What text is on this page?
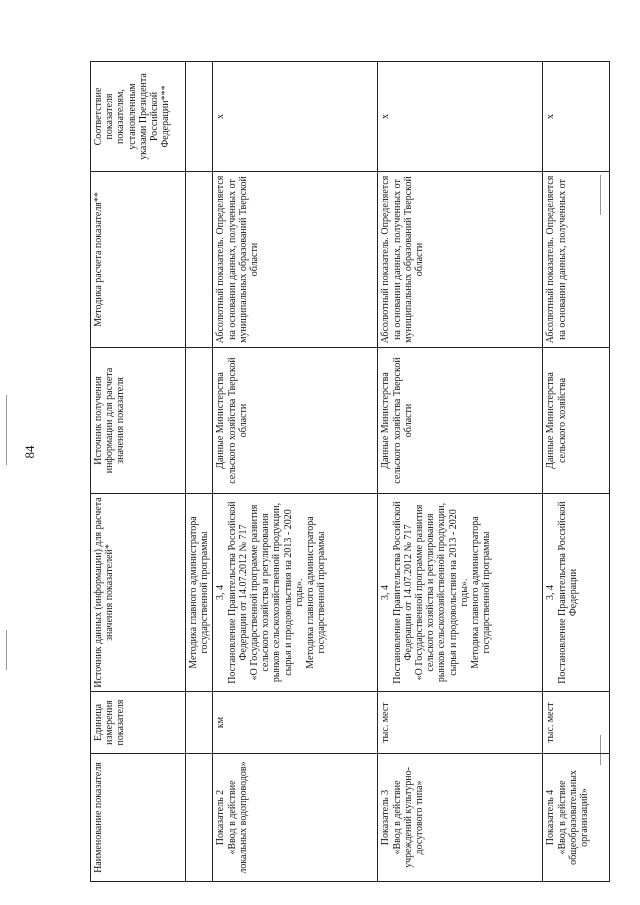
84
Наименование показателя	Единица измерения показателя	Источник данных (информации) для расчета значения показателей*	Источник получения информации для расчета значения показателя	Методика расчета показателя**	Соответствие показателя показателям, установленным указами Президента Российской Федерации***
		Методика главного администратора государственной программы			

Показатель 2 «Ввод в действие локальных водопроводов»	км	3, 4 Постановление Правительства Российской Федерации от 14.07.2012 № 717 «О Государственной программе развития сельского хозяйства и регулирования рынков сельскохозяйственной продукции, сырья и продовольствия на 2013 - 2020 годы». Методика главного администратора государственной программы	Данные Министерства сельского хозяйства Тверской области	Абсолютный показатель. Определяется на основании данных, полученных от муниципальных образований Тверской области	х

Показатель 3 «Ввод в действие учреждений культурно-досугового типа»	тыс. мест	3, 4 Постановление Правительства Российской Федерации от 14.07.2012 № 717 «О Государственной программе развития сельского хозяйства и регулирования рынков сельскохозяйственной продукции, сырья и продовольствия на 2013 - 2020 годы». Методика главного администратора государственной программы	Данные Министерства сельского хозяйства Тверской области	Абсолютный показатель. Определяется на основании данных, полученных от муниципальных образований Тверской области	х

Показатель 4 «Ввод в действие общеобразовательных организаций»	тыс. мест	3, 4 Постановление Правительства Российской Федерации	Данные Министерства сельского хозяйства	Абсолютный показатель. Определяется на основании данных, полученных от	х
